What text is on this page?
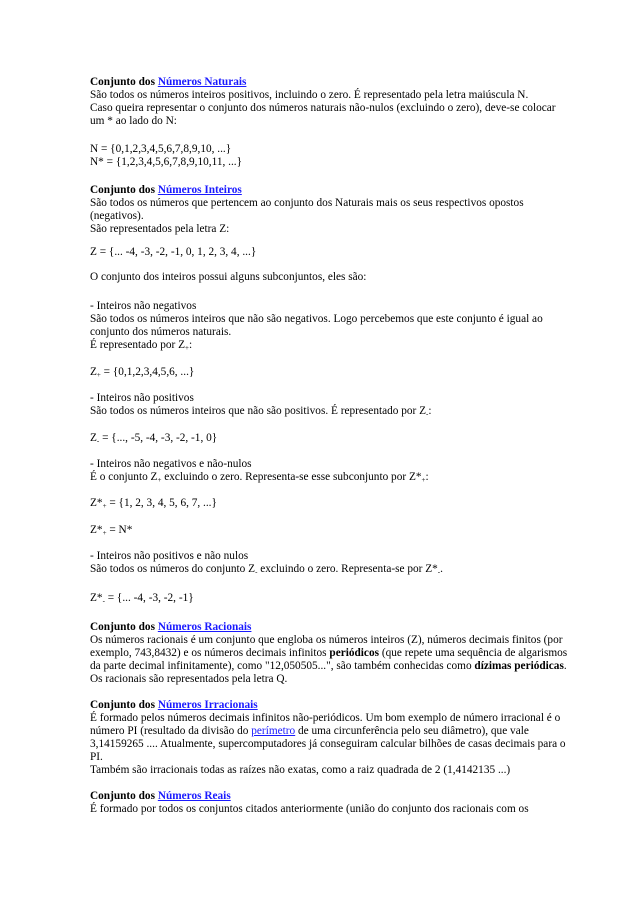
Conjunto dos Números Naturais
São todos os números inteiros positivos, incluindo o zero. É representado pela letra maiúscula N.
Caso queira representar o conjunto dos números naturais não-nulos (excluindo o zero), deve-se colocar
um * ao lado do N:
N = {0,1,2,3,4,5,6,7,8,9,10, ...}
N* = {1,2,3,4,5,6,7,8,9,10,11, ...}
Conjunto dos Números Inteiros
São todos os números que pertencem ao conjunto dos Naturais mais os seus respectivos opostos
(negativos).
São representados pela letra Z:
Z = {... -4, -3, -2, -1, 0, 1, 2, 3, 4, ...}
O conjunto dos inteiros possui alguns subconjuntos, eles são:
- Inteiros não negativos
São todos os números inteiros que não são negativos. Logo percebemos que este conjunto é igual ao
conjunto dos números naturais.
É representado por $Z_+$:
$Z_+ = \{0,1,2,3,4,5,6$, ...}
- Inteiros não positivos
São todos os números inteiros que não são positivos. É representado por $Z_-$:
$Z_-$ = {..., -5, -4, -3, -2, -1, 0}
- Inteiros não negativos e não-nulos
É o conjunto $Z_+$ excluindo o zero. Representa-se esse subconjunto por $Z*_+$:
$Z*_+ = \{1$, 2, 3, 4, 5, 6, 7, ...}
$Z*_+ = N*$
- Inteiros não positivos e não nulos
São todos os números do conjunto $Z_-$ excluindo o zero. Representa-se por $Z*_-$.
$Z*_-$ = {... -4, -3, -2, -1}
Conjunto dos Números Racionais
Os números racionais é um conjunto que engloba os números inteiros (Z), números decimais finitos (por
exemplo, 743,8432) e os números decimais infinitos periódicos (que repete uma sequência de algarismos
da parte decimal infinitamente), como "12,050505...", são também conhecidas como dízimas periódicas.
Os racionais são representados pela letra Q.
Conjunto dos Números Irracionais
É formado pelos números decimais infinitos não-periódicos. Um bom exemplo de número irracional é o
número PI (resultado da divisão do perímetro de uma circunferência pelo seu diâmetro), que vale
3,14159265 .... Atualmente, supercomputadores já conseguiram calcular bilhões de casas decimais para o
PI.
Também são irracionais todas as raízes não exatas, como a raiz quadrada de 2 (1,4142135 ...)
Conjunto dos Números Reais
É formado por todos os conjuntos citados anteriormente (união do conjunto dos racionais com os
